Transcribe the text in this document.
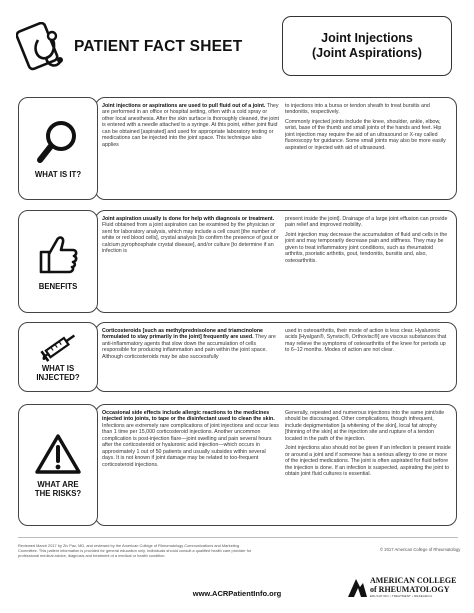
PATIENT FACT SHEET	Joint Injections
(Joint Aspirations)

Joint injections or aspirations are used to pull fluid out of a joint. They are performed in an office or hospital setting, often with a cold spray or other local anesthesia. After the skin surface is thoroughly cleaned, the joint is entered with a needle attached to a syringe. At this point, either joint fluid can be obtained [aspirated] and used for appropriate laboratory testing or medications can be injected into the joint space. This technique also applies

to injections into a bursa or tendon sheath to treat bursitis and tendonitis, respectively.

Commonly injected joints include the knee, shoulder, ankle, elbow, wrist, base of the thumb and small joints of the hands and feet. Hip joint injection may require the aid of an ultrasound or X-ray called fluoroscopy for guidance. Some small joints may also be more easily aspirated or injected with aid of ultrasound.

WHAT IS IT?

Joint aspiration usually is done for help with diagnosis or treatment. Fluid obtained from a joint aspiration can be examined by the physician or sent for laboratory analysis, which may include a cell count [the number of white or red blood cells], crystal analysis [to confirm the presence of gout or calcium pyrophosphate crystal disease], and/or culture [to determine if an infection is

present inside the joint]. Drainage of a large joint effusion can provide pain relief and improved mobility.

Joint injection may decrease the accumulation of fluid and cells in the joint and may temporarily decrease pain and stiffness. They may be given to treat inflammatory joint conditions, such as rheumatoid arthritis, psoriatic arthritis, gout, tendonitis, bursitis and, also, osteoarthritis.

BENEFITS

Corticosteroids [such as methylprednisolone and triamcinolone formulated to stay primarily in the joint] frequently are used. They are anti-inflammatory agents that slow down the accumulation of cells responsible for producing inflammation and pain within the joint space. Although corticosteroids may be also successfully

used in osteoarthritis, their mode of action is less clear. Hyaluronic acids [Hyalgan®, Synvisc®, Orthovisc®] are viscous substances that may relieve the symptoms of osteoarthritis of the knee for periods up to 6–12 months. Modes of action are not clear.

WHAT IS
INJECTED?

Occasional side effects include allergic reactions to the medicines injected into joints, to tape or the disinfectant used to clean the skin. Infections are extremely rare complications of joint injections and occur less than 1 time per 15,000 corticosteroid injections. Another uncommon complication is post-injection flare—joint swelling and pain several hours after the corticosteroid or hyaluronic acid injection—which occurs in approximately 1 out of 50 patients and usually subsides within several days. It is not known if joint damage may be related to too-frequent corticosteroid injections.

Generally, repeated and numerous injections into the same joint/site should be discouraged. Other complications, though infrequent, include depigmentation [a whitening of the skin], local fat atrophy [thinning of the skin] at the injection site and rupture of a tendon located in the path of the injection.

Joint injections also should not be given if an infection is present inside or around a joint and if someone has a serious allergy to one or more of the injected medications. The joint is often aspirated for fluid before the injection is done. If an infection is suspected, aspirating the joint to obtain joint fluid cultures is essential.

WHAT ARE
THE RISKS?
Reviewed March 2017 by Ziv Paz, MD, and reviewed by the American College of Rheumatology Communications and Marketing Committee. This patient information is provided for general education only. Individuals should consult a qualified health care provider for professional medical advice, diagnosis and treatment of a medical or health condition.
© 2017 American College of Rheumatology
www.ACRPatientInfo.org
AMERICAN COLLEGE
of RHEUMATOLOGY
EDUCATION • TREATMENT • RESEARCH
